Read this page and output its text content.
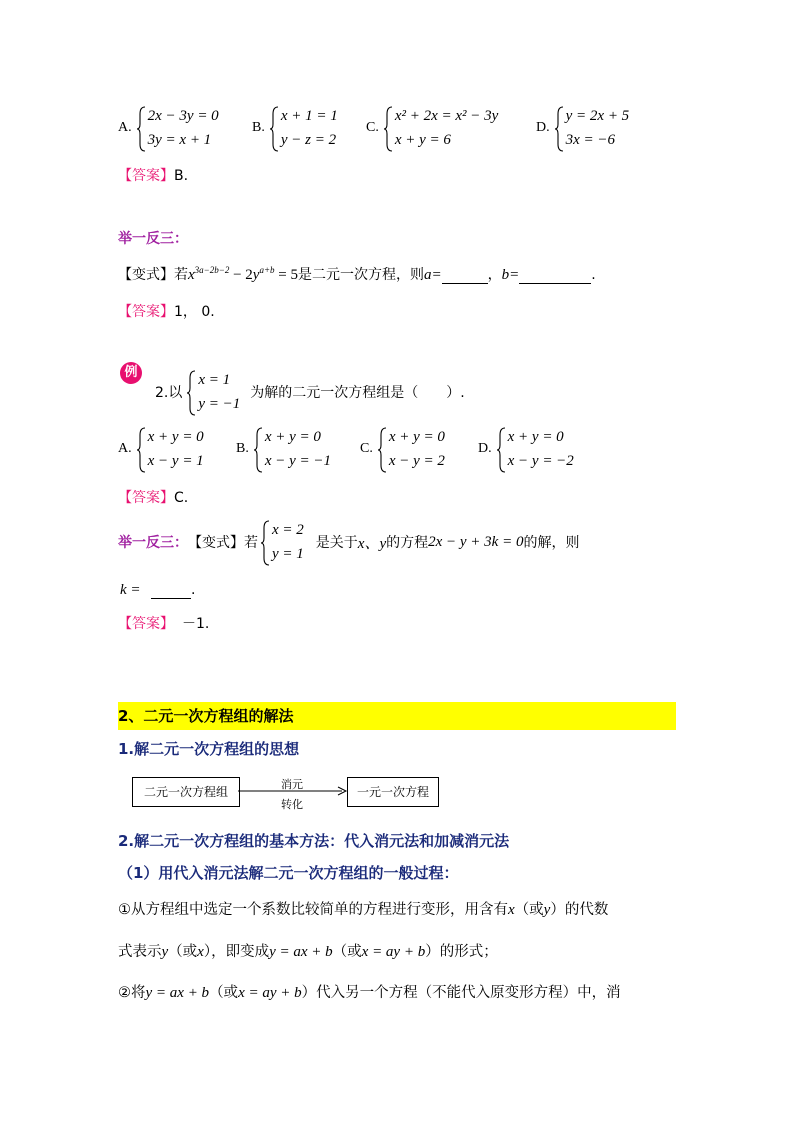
A.
2x − 3y = 0
3y = x + 1
B.
x + 1 = 1
y − z = 2
C.
x² + 2x = x² − 3y
x + y = 6
D.
y = 2x + 5
3x = −6
【答案】B.
举一反三：
【变式】若$x^{3a-2b-2} - 2y^{a+b} = 5$是二元一次方程，则a=	，b=	.
【答案】1， 0.
例
2.以
x = 1
y = −1
为解的二元一次方程组是（　　）.
A.
x + y = 0
x − y = 1
B.
x + y = 0
x − y = −1
C.
x + y = 0
x − y = 2
D.
x + y = 0
x − y = −2
【答案】C.
举一反三： 【变式】 若
x = 2
y = 1
是关于 x、y 的方程 2x − y + 3k = 0 的解，则
k =	.
【答案】 －1.
2、二元一次方程组的解法
1.解二元一次方程组的思想
二元一次方程组
消元
转化
一元一次方程
2.解二元一次方程组的基本方法：代入消元法和加减消元法
（1）用代入消元法解二元一次方程组的一般过程：
①从方程组中选定一个系数比较简单的方程进行变形，用含有x（或y）的代数
式表示y（或x），即变成y = ax + b（或x = ay + b）的形式；
②将y = ax + b（或x = ay + b）代入另一个方程（不能代入原变形方程）中，消
